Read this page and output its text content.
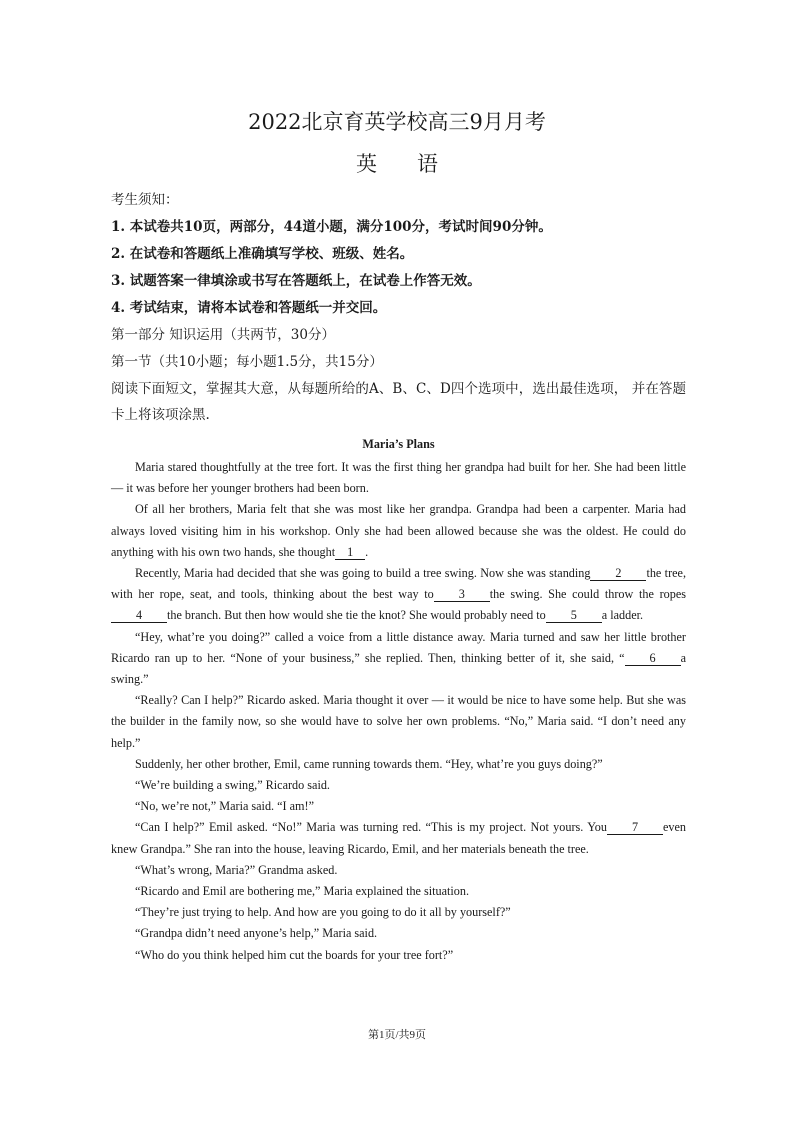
2022北京育英学校高三9月月考
英语

考生须知：

1. 本试卷共10页，两部分，44道小题，满分100分，考试时间90分钟。

2. 在试卷和答题纸上准确填写学校、班级、姓名。

3. 试题答案一律填涂或书写在答题纸上，在试卷上作答无效。

4. 考试结束，请将本试卷和答题纸一并交回。

第一部分 知识运用（共两节，30分）

第一节（共10小题；每小题1.5分，共15分）

阅读下面短文，掌握其大意，从每题所给的A、B、C、D四个选项中，选出最佳选项， 并在答题卡上将该项涂黑.

Maria’s Plans

Maria stared thoughtfully at the tree fort. It was the first thing her grandpa had built for her. She had been little — it was before her younger brothers had been born.

Of all her brothers, Maria felt that she was most like her grandpa. Grandpa had been a carpenter. Maria had always loved visiting him in his workshop. Only she had been allowed because she was the oldest. He could do anything with his own two hands, she thought 1 .

Recently, Maria had decided that she was going to build a tree swing. Now she was standing 2 the tree, with her rope, seat, and tools, thinking about the best way to 3 the swing. She could throw the ropes4 the branch. But then how would she tie the knot? She would probably need to 5 a ladder.

“Hey, what’re you doing?” called a voice from a little distance away. Maria turned and saw her little brother Ricardo ran up to her. “None of your business,” she replied. Then, thinking better of it, she said, “ 6 a swing.”

“Really? Can I help?” Ricardo asked. Maria thought it over — it would be nice to have some help. But she was the builder in the family now, so she would have to solve her own problems. “No,” Maria said. “I don’t need any help.”

Suddenly, her other brother, Emil, came running towards them. “Hey, what’re you guys doing?”

“We’re building a swing,” Ricardo said.

“No, we’re not,” Maria said. “I am!”

“Can I help?” Emil asked. “No!” Maria was turning red. “This is my project. Not yours. You 7 even knew Grandpa.” She ran into the house, leaving Ricardo, Emil, and her materials beneath the tree.

“What’s wrong, Maria?” Grandma asked.

“Ricardo and Emil are bothering me,” Maria explained the situation.

“They’re just trying to help. And how are you going to do it all by yourself?”

“Grandpa didn’t need anyone’s help,” Maria said.

“Who do you think helped him cut the boards for your tree fort?”

第1页/共9页
